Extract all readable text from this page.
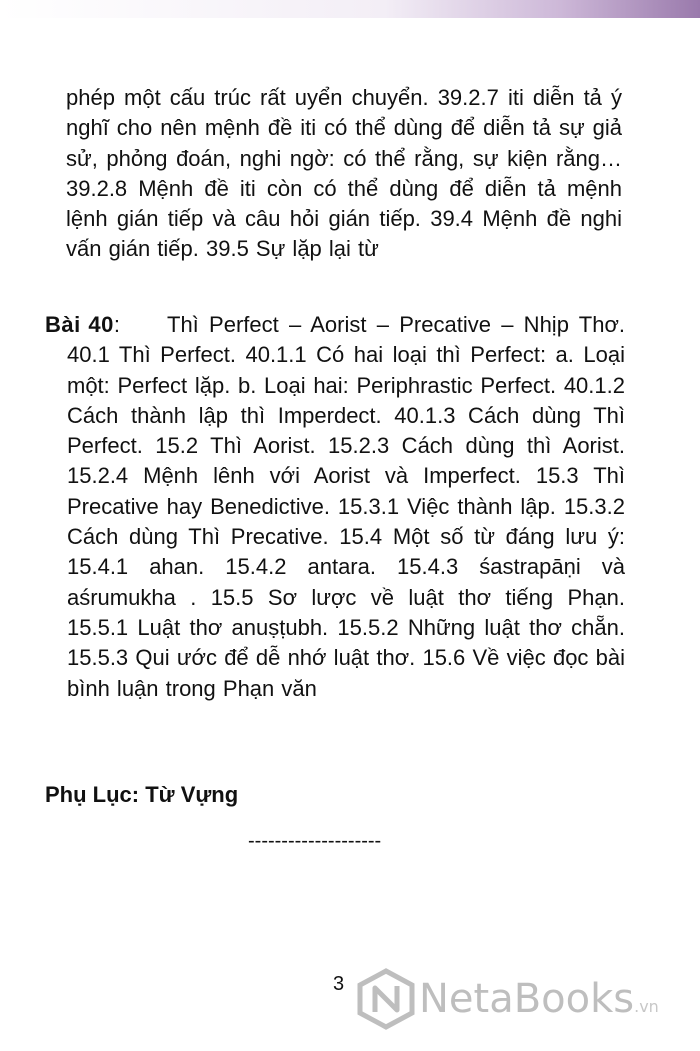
phép một cấu trúc rất uyển chuyển. 39.2.7 iti diễn tả ý nghĩ cho nên mệnh đề iti có thể dùng để diễn tả sự giả sử, phỏng đoán, nghi ngờ: có thể rằng, sự kiện rằng…39.2.8 Mệnh đề iti còn có thể dùng để diễn tả mệnh lệnh gián tiếp và câu hỏi gián tiếp. 39.4 Mệnh đề nghi vấn gián tiếp. 39.5 Sự lặp lại từ

Bài 40:	Thì Perfect – Aorist – Precative – Nhịp Thơ. 40.1 Thì Perfect. 40.1.1 Có hai loại thì Perfect: a. Loại một: Perfect lặp. b. Loại hai: Periphrastic Perfect. 40.1.2 Cách thành lập thì Imperdect. 40.1.3 Cách dùng Thì Perfect. 15.2 Thì Aorist. 15.2.3 Cách dùng thì Aorist. 15.2.4 Mệnh lênh với Aorist và Imperfect. 15.3 Thì Precative hay Benedictive. 15.3.1 Việc thành lập. 15.3.2 Cách dùng Thì Precative. 15.4 Một số từ đáng lưu ý: 15.4.1 ahan. 15.4.2 antara. 15.4.3 śastrapāṇi và aśrumukha . 15.5 Sơ lược về luật thơ tiếng Phạn. 15.5.1 Luật thơ anuṣṭubh. 15.5.2 Những luật thơ chẵn. 15.5.3 Qui ước để dễ nhớ luật thơ. 15.6 Về việc đọc bài bình luận trong Phạn văn

Phụ Lục: Từ Vựng
--------------------
3 NetaBooks.vn
